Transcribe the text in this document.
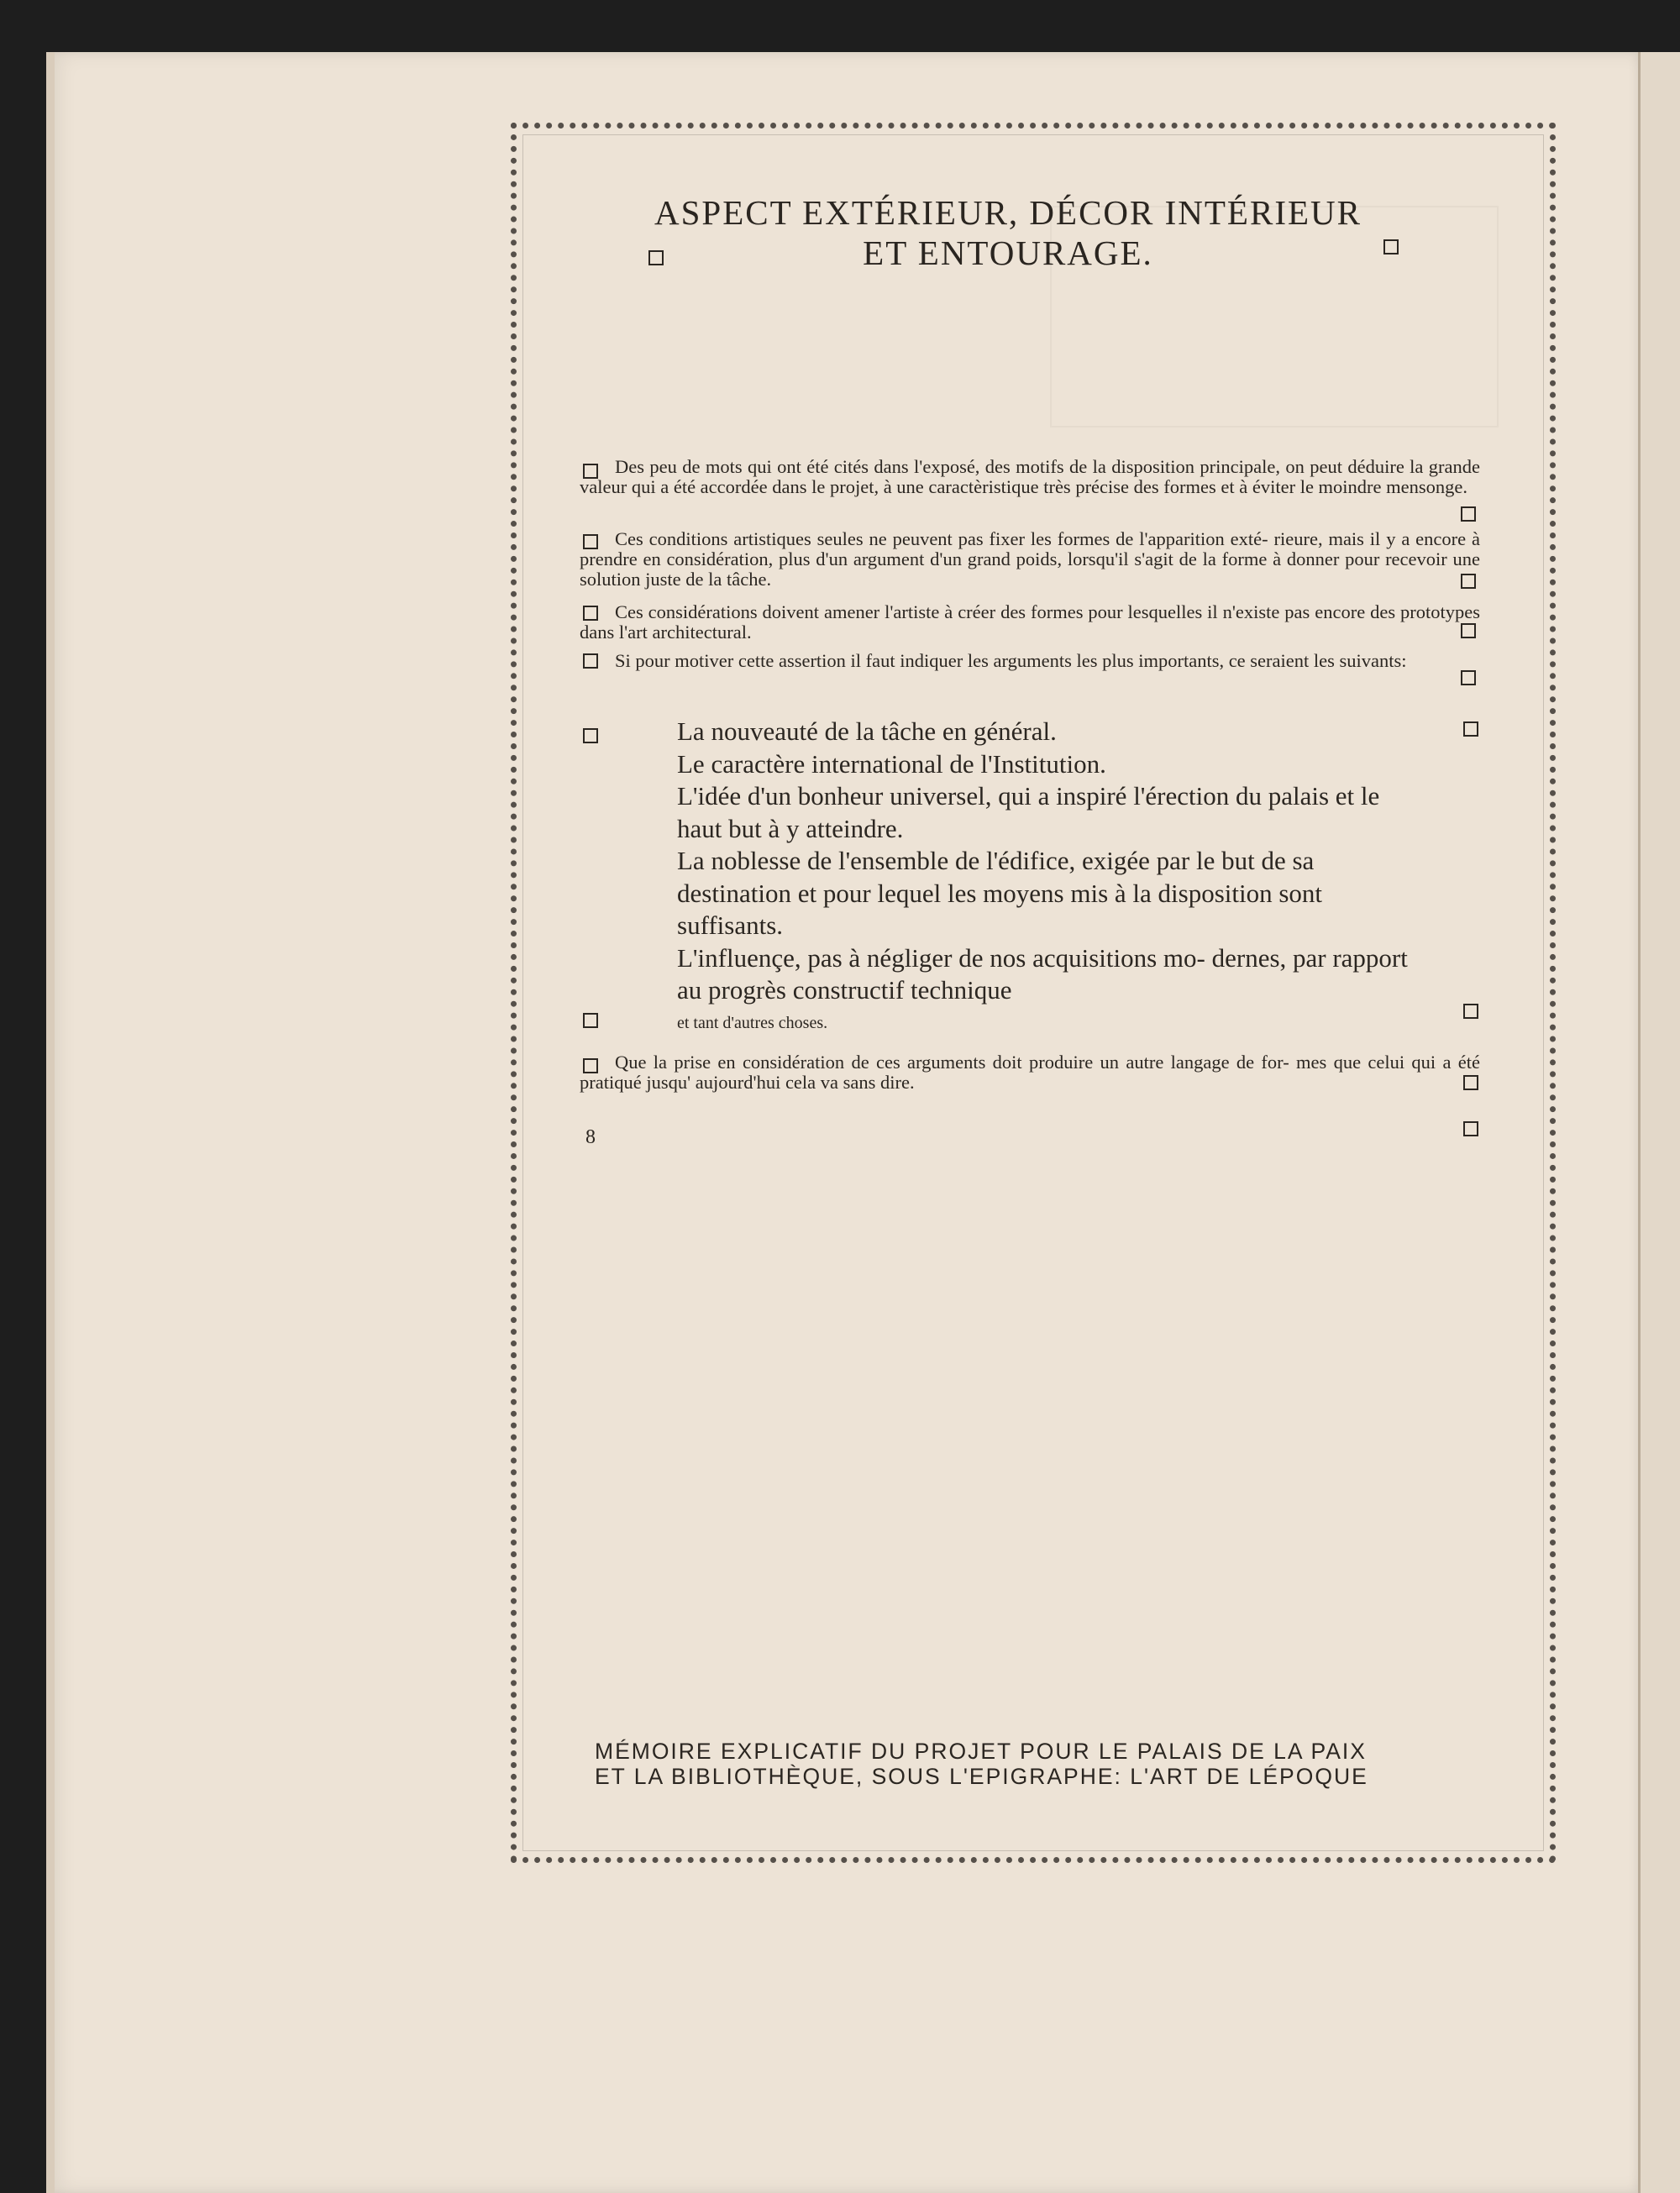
ASPECT EXTÉRIEUR, DÉCOR INTÉRIEUR
ET ENTOURAGE.
Des peu de mots qui ont été cités dans l'exposé, des motifs de la disposition principale, on peut déduire la grande valeur qui a été accordée dans le projet, à une caractèristique très précise des formes et à éviter le moindre mensonge.
Ces conditions artistiques seules ne peuvent pas fixer les formes de l'apparition exté- rieure, mais il y a encore à prendre en considération, plus d'un argument d'un grand poids, lorsqu'il s'agit de la forme à donner pour recevoir une solution juste de la tâche.
Ces considérations doivent amener l'artiste à créer des formes pour lesquelles il n'existe pas encore des prototypes dans l'art architectural.
Si pour motiver cette assertion il faut indiquer les arguments les plus importants, ce seraient les suivants:
La nouveauté de la tâche en général.
Le caractère international de l'Institution.
L'idée d'un bonheur universel, qui a inspiré l'érection du palais et le haut but à y atteindre.
La noblesse de l'ensemble de l'édifice, exigée par le but de sa destination et pour lequel les moyens mis à la disposition sont suffisants.
L'influençe, pas à négliger de nos acquisitions mo- dernes, par rapport au progrès constructif technique
et tant d'autres choses.
Que la prise en considération de ces arguments doit produire un autre langage de for- mes que celui qui a été pratiqué jusqu' aujourd'hui cela va sans dire.
8
MÉMOIRE EXPLICATIF DU PROJET POUR LE PALAIS DE LA PAIX
ET LA BIBLIOTHÈQUE, SOUS L'EPIGRAPHE: L'ART DE LÉPOQUE
